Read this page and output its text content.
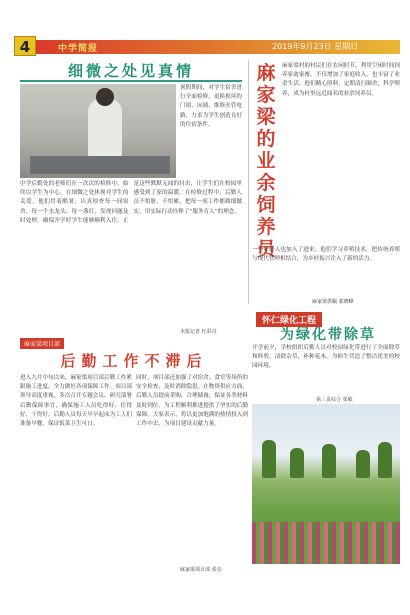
4	中学简报	2019年9月23日 星期日
细微之处见真情
暑假期间，对学生宿舍进行全面检修，更换损坏的门窗、床铺，维修水管电路，力求为学生创造良好的住宿条件。
中学后勤处的老师们在一次次的检修中，始终以学生为中心，在细微之处体现对学生的关爱。他们冒着酷暑，认真检查每一间宿舍、每一个水龙头、每一盏灯，发现问题及时处理，确保开学时学生能够顺利入住。正是这些默默无闻的付出，让学生们在校园里感受到了家的温暖。在检修过程中，后勤人员不怕脏、不怕累，把每一项工作都做细做实，用实际行动诠释了“服务育人”的理念。
本报记者 杜彩丹
麻家梁的业余饲养员
麻家梁村的村民们在农闲时节，利用空闲时间饲养家禽家畜，不仅增加了家庭收入，也丰富了业余生活。他们精心照料，定期清扫圈舍，科学喂养，成为村里远近闻名的业余饲养员。
一些年轻人也加入了进来，他们学习养殖技术，把传统养殖与现代管理相结合，为乡村振兴注入了新的活力。
麻家梁供稿 郭晓峰
怀仁绿化工程
为绿化带除草
开学前夕，学校组织后勤人员对校园绿化带进行了全面除草和修剪，清除杂草，补种花木，为师生营造了整洁优美的校园环境。
第三页综合 张敏
麻家梁项目部
后勤工作不滞后
进入九月中旬以来，麻家梁项目部后勤工作紧跟施工进度，全力做好各项保障工作。项目部领导高度重视，多次召开专题会议，研究部署后勤保障事宜，确保施工人员吃得好、住得好、干得好。后勤人员每天早早起床为工人们准备早餐，保证饭菜卫生可口。
同时，项目部还加强了对宿舍、食堂等场所的安全检查，及时消除隐患。在物资供应方面，后勤人员提前采购、合理储备，保证各类材料及时到位，为工程顺利推进提供了坚实的后勤保障。大家表示，将以更加饱满的热情投入到工作中去，为项目建设贡献力量。
麻家梁项目部 张亮
